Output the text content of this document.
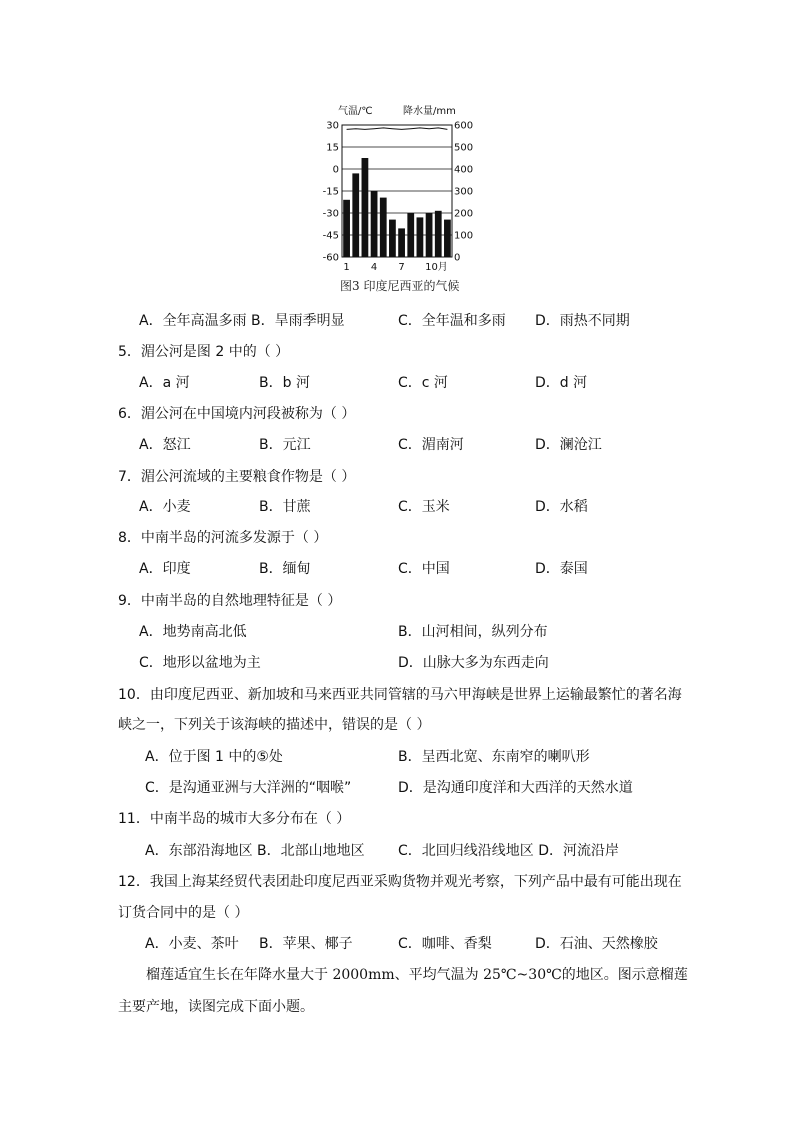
气温/℃	降水量/mm
30	600
15	500
0	400
-15	300
-30	200
-45	100
-60	0
1 4 7 10月
图3 印度尼西亚的气候
A．全年高温多雨 B．旱雨季明显	C．全年温和多雨 D．雨热不同期
5．湄公河是图 2 中的（ ）
A．a 河	B．b 河	C．c 河	D．d 河
6．湄公河在中国境内河段被称为（ ）
A．怒江	B．元江	C．湄南河	D．澜沧江
7．湄公河流域的主要粮食作物是（ ）
A．小麦	B．甘蔗	C．玉米	D．水稻
8．中南半岛的河流多发源于（ ）
A．印度	B．缅甸	C．中国	D．泰国
9．中南半岛的自然地理特征是（ ）
A．地势南高北低	B．山河相间，纵列分布
C．地形以盆地为主	D．山脉大多为东西走向
10．由印度尼西亚、新加坡和马来西亚共同管辖的马六甲海峡是世界上运输最繁忙的著名海
峡之一，下列关于该海峡的描述中，错误的是（ ）
A．位于图 1 中的⑤处	B．呈西北宽、东南窄的喇叭形
C．是沟通亚洲与大洋洲的“咽喉”	D．是沟通印度洋和大西洋的天然水道
11．中南半岛的城市大多分布在（ ）
A．东部沿海地区 B．北部山地地区 C．北回归线沿线地区 D．河流沿岸
12．我国上海某经贸代表团赴印度尼西亚采购货物并观光考察，下列产品中最有可能出现在
订货合同中的是（ ）
A．小麦、茶叶 B．苹果、椰子	C．咖啡、香梨	D．石油、天然橡胶
榴莲适宜生长在年降水量大于 2000mm、平均气温为 25℃~30℃的地区。图示意榴莲
主要产地，读图完成下面小题。
